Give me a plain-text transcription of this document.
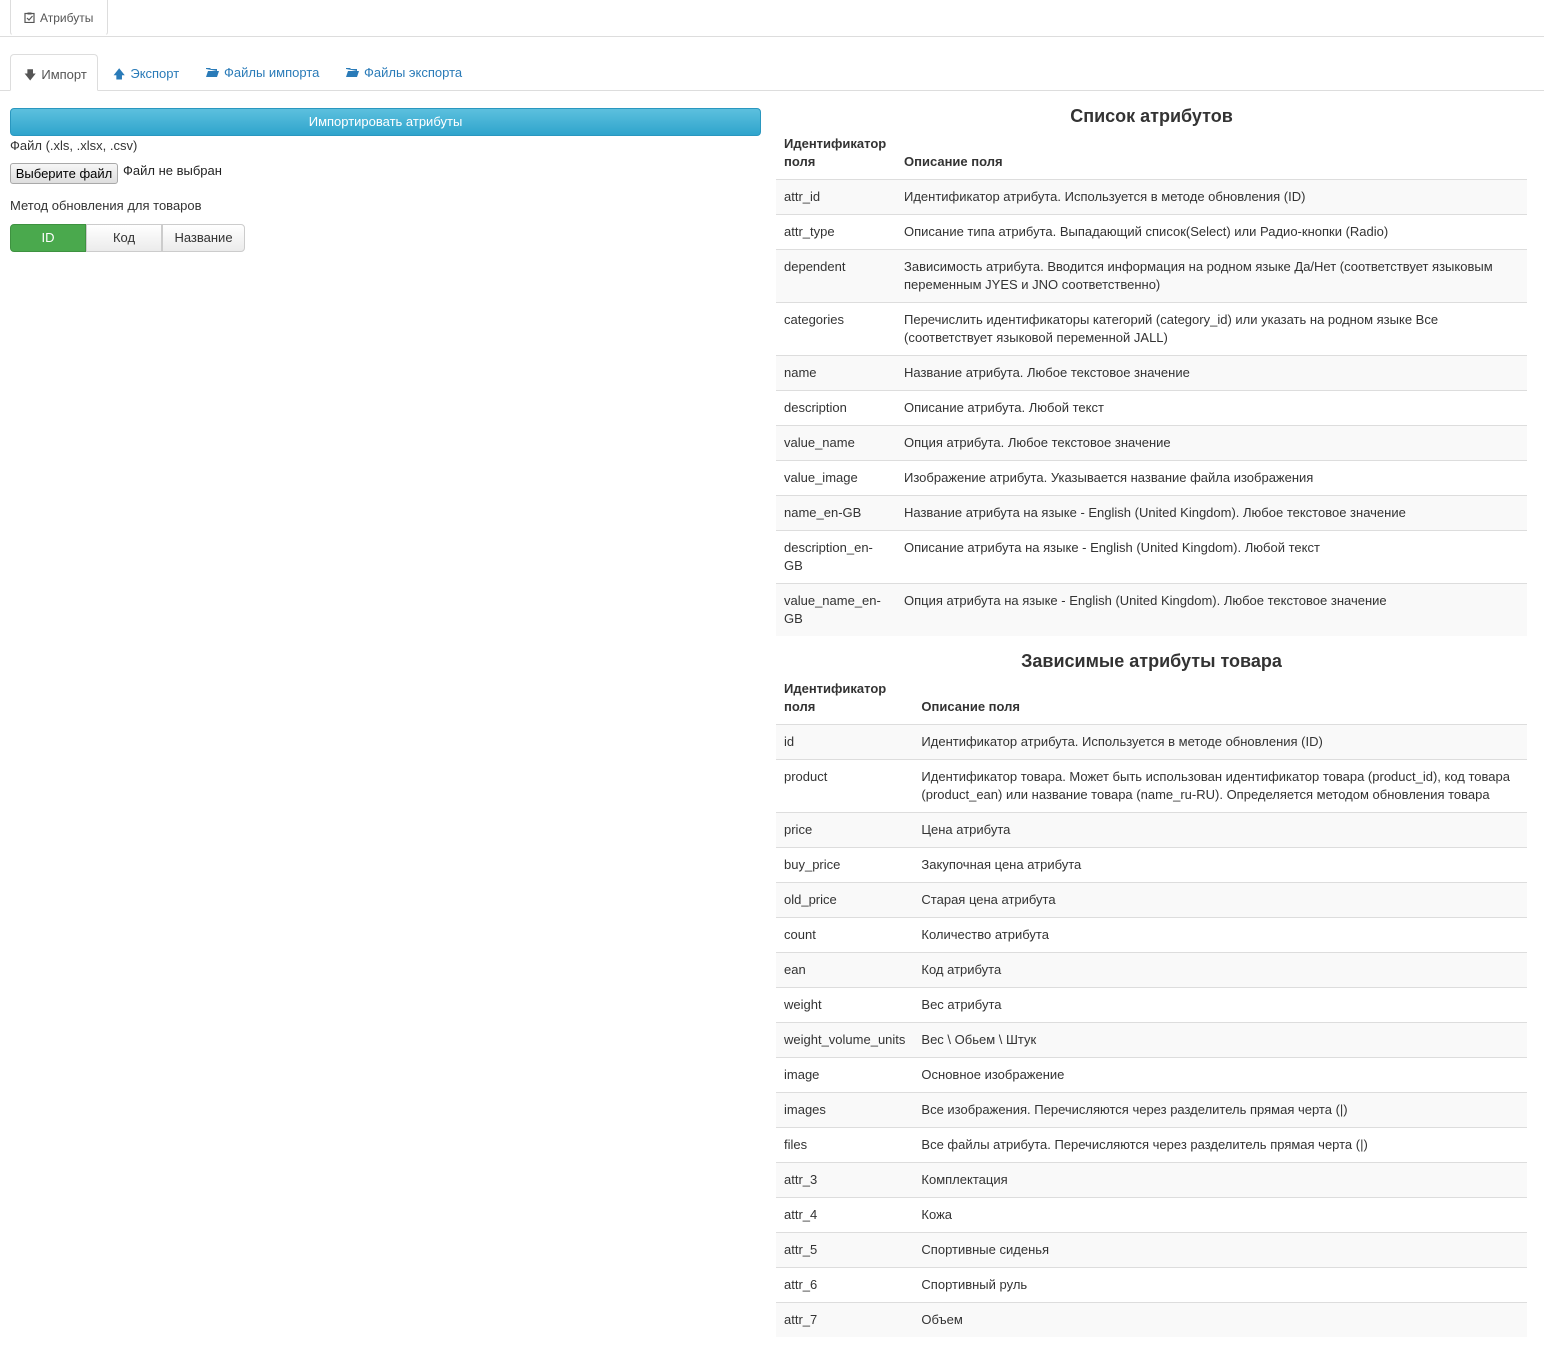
Атрибуты
🡇 Импорт	🡅 Экспорт	Файлы импорта	Файлы экспорта
Импортировать атрибуты
Файл (.xls, .xlsx, .csv)
Выберите файл Файл не выбран
Метод обновления для товаров
ID	Код	Название
Список атрибутов
Идентификатор поля	Описание поля
attr_id	Идентификатор атрибута. Используется в методе обновления (ID)
attr_type	Описание типа атрибута. Выпадающий список(Select) или Радио-кнопки (Radio)
dependent	Зависимость атрибута. Вводится информация на родном языке Да/Нет (соответствует языковым переменным JYES и JNO соответственно)
categories	Перечислить идентификаторы категорий (category_id) или указать на родном языке Все (соответствует языковой переменной JALL)
name	Название атрибута. Любое текстовое значение
description	Описание атрибута. Любой текст
value_name	Опция атрибута. Любое текстовое значение
value_image	Изображение атрибута. Указывается название файла изображения
name_en-GB	Название атрибута на языке - English (United Kingdom). Любое текстовое значение
description_en-GB	Описание атрибута на языке - English (United Kingdom). Любой текст
value_name_en-GB	Опция атрибута на языке - English (United Kingdom). Любое текстовое значение
Зависимые атрибуты товара
Идентификатор поля	Описание поля
id	Идентификатор атрибута. Используется в методе обновления (ID)
product	Идентификатор товара. Может быть использован идентификатор товара (product_id), код товара (product_ean) или название товара (name_ru-RU). Определяется методом обновления товара
price	Цена атрибута
buy_price	Закупочная цена атрибута
old_price	Старая цена атрибута
count	Количество атрибута
ean	Код атрибута
weight	Вес атрибута
weight_volume_units	Вес \ Обьем \ Штук
image	Основное изображение
images	Все изображения. Перечисляются через разделитель прямая черта (|)
files	Все файлы атрибута. Перечисляются через разделитель прямая черта (|)
attr_3	Комплектация
attr_4	Кожа
attr_5	Спортивные сиденья
attr_6	Спортивный руль
attr_7	Объем
